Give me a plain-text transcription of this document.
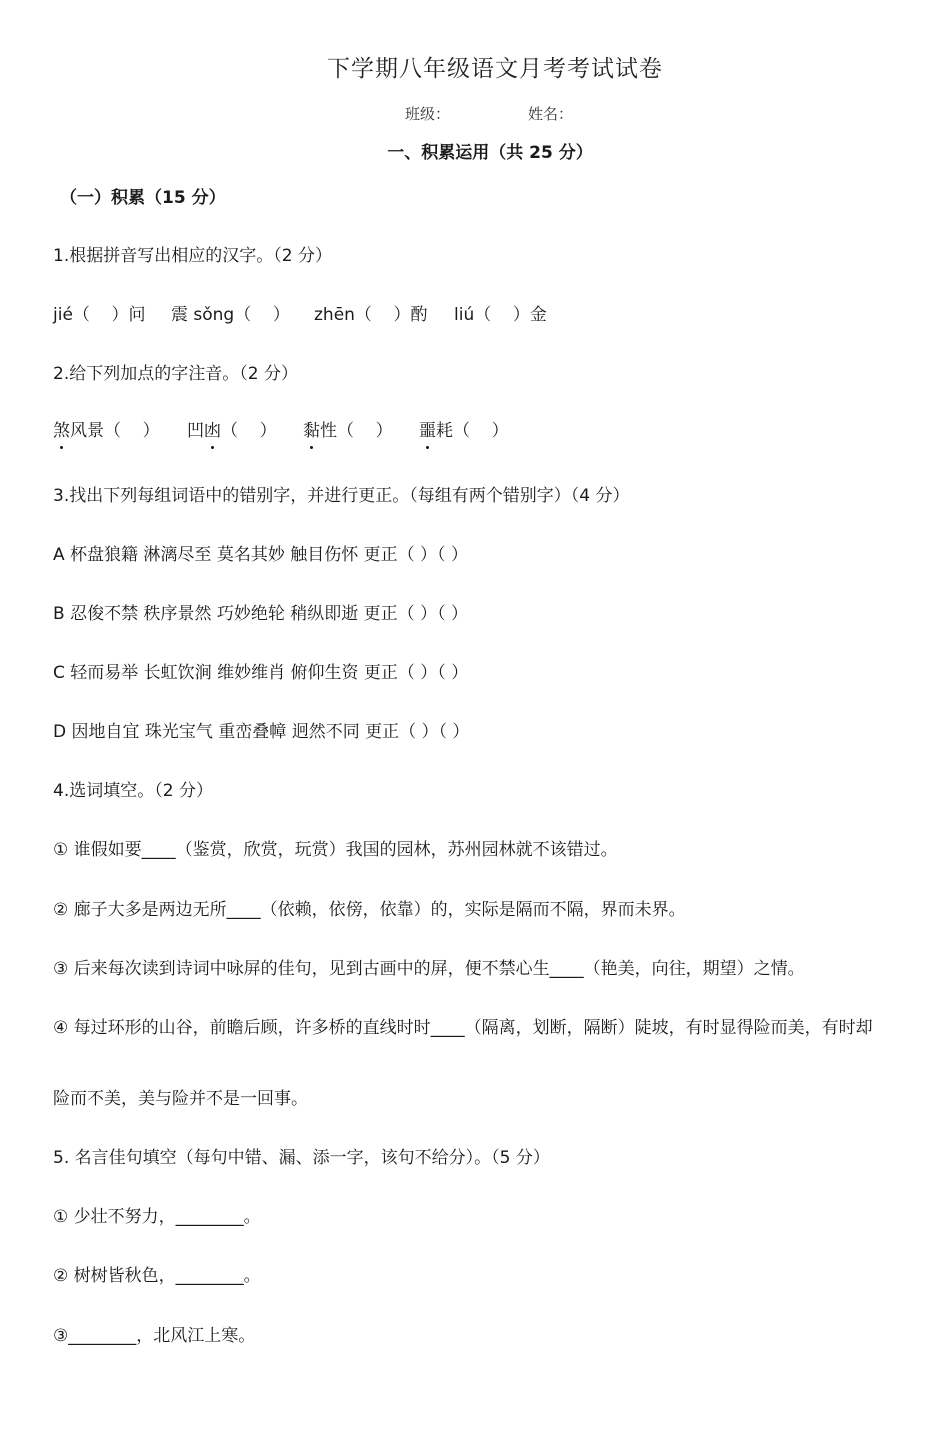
下学期八年级语文月考考试试卷
班级：	姓名：
一、积累运用（共 25 分）
（一）积累（15 分）
1.根据拼音写出相应的汉字。（2 分）
jié（    ）问	震 sǒng（    ）	zhēn（    ）酌	liú（    ）金
2.给下列加点的字注音。（2 分）
煞风景（    ）	凹凼（    ）	黏性（    ）	噩耗（    ）
3.找出下列每组词语中的错别字，并进行更正。（每组有两个错别字）（4 分）
A 杯盘狼籍 淋漓尽至 莫名其妙 触目伤怀 更正（ ）（ ）
B 忍俊不禁 秩序景然 巧妙绝轮 稍纵即逝 更正（ ）（ ）
C 轻而易举 长虹饮涧 维妙维肖 俯仰生资 更正（ ）（ ）
D 因地自宜 珠光宝气 重峦叠幛 迥然不同 更正（ ）（ ）
4.选词填空。（2 分）
① 谁假如要____（鉴赏，欣赏，玩赏）我国的园林，苏州园林就不该错过。
② 廊子大多是两边无所____（依赖，依傍，依靠）的，实际是隔而不隔，界而未界。
③ 后来每次读到诗词中咏屏的佳句，见到古画中的屏，便不禁心生____（艳美，向往，期望）之情。
④ 每过环形的山谷，前瞻后顾，许多桥的直线时时____（隔离，划断，隔断）陡坡，有时显得险而美，有时却
险而不美，美与险并不是一回事。
5. 名言佳句填空（每句中错、漏、添一字，该句不给分）。（5 分）
① 少壮不努力，________。
② 树树皆秋色，________。
③________，北风江上寒。
